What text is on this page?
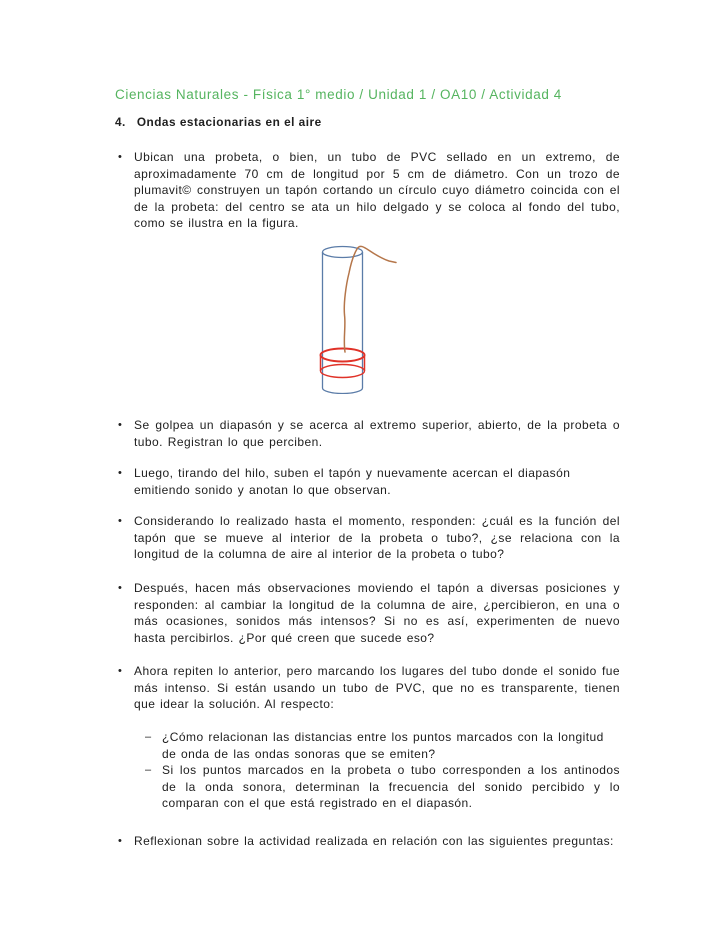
Ciencias Naturales - Física 1° medio / Unidad 1 / OA10 / Actividad 4
4. Ondas estacionarias en el aire
• Ubican una probeta, o bien, un tubo de PVC sellado en un extremo, de aproximadamente 70 cm de longitud por 5 cm de diámetro. Con un trozo de plumavit© construyen un tapón cortando un círculo cuyo diámetro coincida con el de la probeta: del centro se ata un hilo delgado y se coloca al fondo del tubo, como se ilustra en la figura.
• Se golpea un diapasón y se acerca al extremo superior, abierto, de la probeta o tubo. Registran lo que perciben.
• Luego, tirando del hilo, suben el tapón y nuevamente acercan el diapasón emitiendo sonido y anotan lo que observan.
• Considerando lo realizado hasta el momento, responden: ¿cuál es la función del tapón que se mueve al interior de la probeta o tubo?, ¿se relaciona con la longitud de la columna de aire al interior de la probeta o tubo?
• Después, hacen más observaciones moviendo el tapón a diversas posiciones y responden: al cambiar la longitud de la columna de aire, ¿percibieron, en una o más ocasiones, sonidos más intensos? Si no es así, experimenten de nuevo hasta percibirlos. ¿Por qué creen que sucede eso?
• Ahora repiten lo anterior, pero marcando los lugares del tubo donde el sonido fue más intenso. Si están usando un tubo de PVC, que no es transparente, tienen que idear la solución. Al respecto:
– ¿Cómo relacionan las distancias entre los puntos marcados con la longitud de onda de las ondas sonoras que se emiten?
– Si los puntos marcados en la probeta o tubo corresponden a los antinodos de la onda sonora, determinan la frecuencia del sonido percibido y lo comparan con el que está registrado en el diapasón.
• Reflexionan sobre la actividad realizada en relación con las siguientes preguntas:
